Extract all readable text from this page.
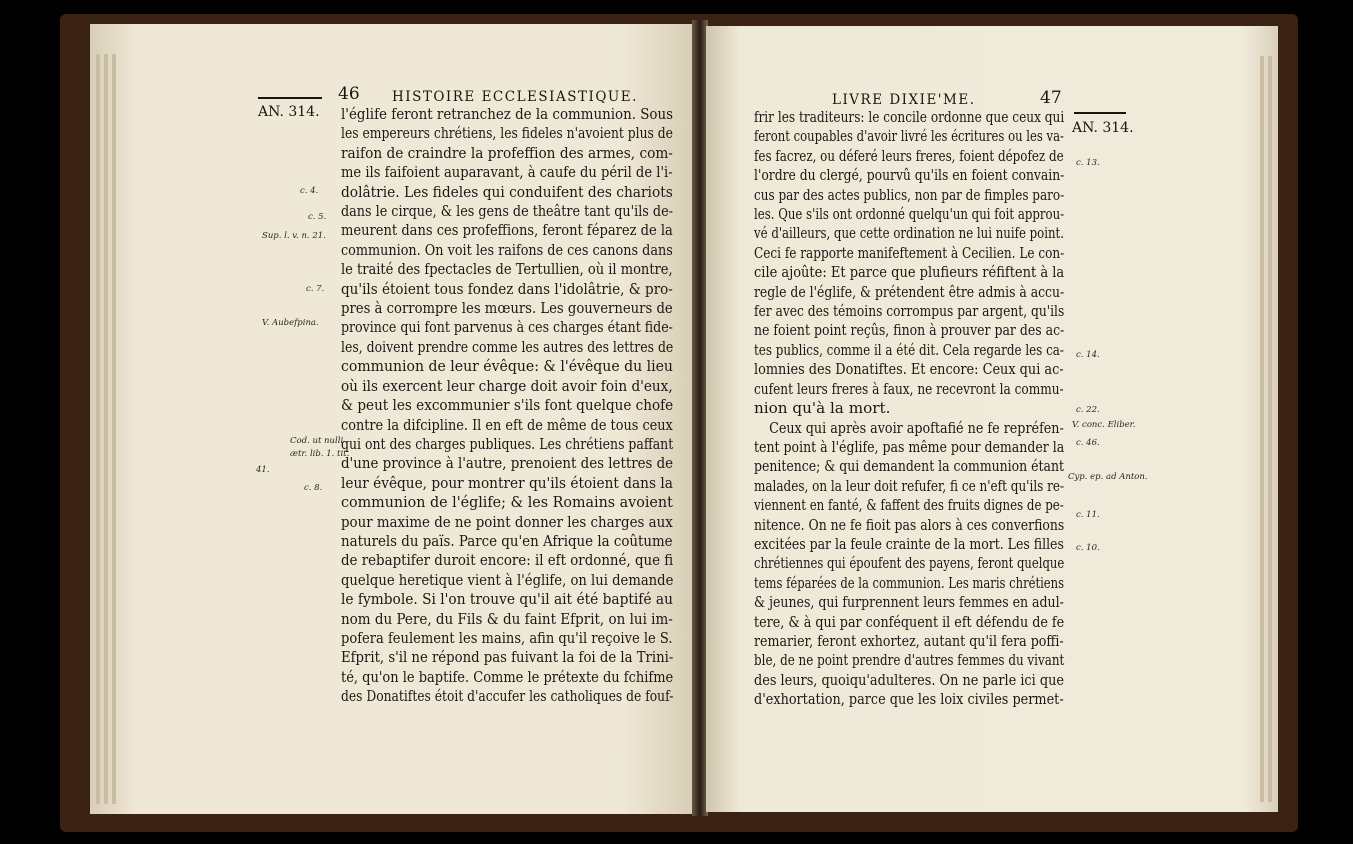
46 HISTOIRE ECCLESIASTIQUE.
AN. 314.
c. 4.
c. 5.
Sup. l. v. n. 21.
c. 7.
V. Aubefpina.
Cod. ut nulli
ætr. lib. 1. tit.
41.
c. 8.
l'églife feront retranchez de la communion. Sous
les empereurs chrétiens, les fideles n'avoient plus de
raifon de craindre la profeffion des armes, com-
me ils faifoient auparavant, à caufe du péril de l'i-
dolâtrie. Les fideles qui conduifent des chariots
dans le cirque, & les gens de theâtre tant qu'ils de-
meurent dans ces profeffions, feront féparez de la
communion. On voit les raifons de ces canons dans
le traité des fpectacles de Tertullien, où il montre,
qu'ils étoient tous fondez dans l'idolâtrie, & pro-
pres à corrompre les mœurs. Les gouverneurs de
province qui font parvenus à ces charges étant fide-
les, doivent prendre comme les autres des lettres de
communion de leur évêque: & l'évêque du lieu
où ils exercent leur charge doit avoir foin d'eux,
& peut les excommunier s'ils font quelque chofe
contre la difcipline. Il en eft de même de tous ceux
qui ont des charges publiques. Les chrétiens paffant
d'une province à l'autre, prenoient des lettres de
leur évêque, pour montrer qu'ils étoient dans la
communion de l'églife; & les Romains avoient
pour maxime de ne point donner les charges aux
naturels du païs. Parce qu'en Afrique la coûtume
de rebaptifer duroit encore: il eft ordonné, que fi
quelque heretique vient à l'églife, on lui demande
le fymbole. Si l'on trouve qu'il ait été baptifé au
nom du Pere, du Fils & du faint Efprit, on lui im-
pofera feulement les mains, afin qu'il reçoive le S.
Efprit, s'il ne répond pas fuivant la foi de la Trini-
té, qu'on le baptife. Comme le prétexte du fchifme
des Donatiftes étoit d'accufer les catholiques de fouf-
LIVRE DIXIE'ME.	47
AN. 314.
c. 13.
c. 14.
c. 22.
V. conc. Eliber.
c. 46.
Cyp. ep. ad Anton.
c. 11.
c. 10.
frir les traditeurs: le concile ordonne que ceux qui
feront coupables d'avoir livré les écritures ou les va-
fes facrez, ou déferé leurs freres, foient dépofez de
l'ordre du clergé, pourvû qu'ils en foient convain-
cus par des actes publics, non par de fimples paro-
les. Que s'ils ont ordonné quelqu'un qui foit approu-
vé d'ailleurs, que cette ordination ne lui nuife point.
Ceci fe rapporte manifeftement à Cecilien. Le con-
cile ajoûte: Et parce que plufieurs réfiftent à la
regle de l'églife, & prétendent être admis à accu-
fer avec des témoins corrompus par argent, qu'ils
ne foient point reçûs, finon à prouver par des ac-
tes publics, comme il a été dit. Cela regarde les ca-
lomnies des Donatiftes. Et encore: Ceux qui ac-
cufent leurs freres à faux, ne recevront la commu-
nion qu'à la mort.
Ceux qui après avoir apoftafié ne fe repréfen-
tent point à l'églife, pas même pour demander la
penitence; & qui demandent la communion étant
malades, on la leur doit refufer, fi ce n'eft qu'ils re-
viennent en fanté, & faffent des fruits dignes de pe-
nitence. On ne fe fioit pas alors à ces converfions
excitées par la feule crainte de la mort. Les filles
chrétiennes qui époufent des payens, feront quelque
tems féparées de la communion. Les maris chrétiens
& jeunes, qui furprennent leurs femmes en adul-
tere, & à qui par conféquent il eft défendu de fe
remarier, feront exhortez, autant qu'il fera poffi-
ble, de ne point prendre d'autres femmes du vivant
des leurs, quoiqu'adulteres. On ne parle ici que
d'exhortation, parce que les loix civiles permet-
